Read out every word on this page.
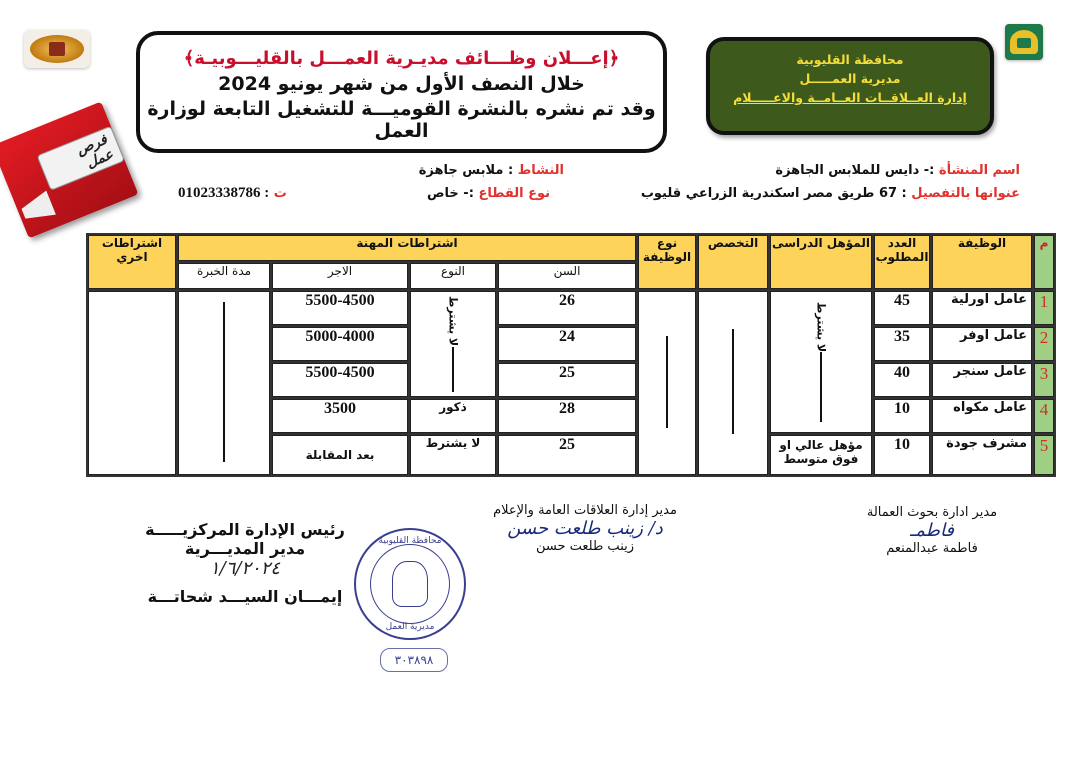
﴿إعـــلان وظـــائف مديـرية العمـــل بالقليـــوبيـة﴾
خلال النصف الأول من شهر يونيو 2024
وقد تم نشره بالنشرة القوميـــة للتشغيل التابعة لوزارة العمل
محافظة القليوبية
مديرية العمـــــل
إدارة العــلاقــات العــامــة والاعـــــلام
فرص عمل	اسم المنشأة :- دايس للملابس الجاهزة
عنوانها بالتفصيل : 67 طريق مصر اسكندرية الزراعي قليوب
النشاط : ملابس جاهزة
نوع القطاع :- خاص
ت : 01023338786
م	الوظيفة	العدد المطلوب	المؤهل الدراسى	التخصص	نوع الوظيفة	اشتراطات المهنة				اشتراطات اخري
						السن	النوع	الاجر	مدة الخبرة	
1	عامل اورلية	45	لا يشترط			26	لا يشترط	5500-4500		
2	عامل اوفر	35				24		5000-4000		
3	عامل سنجر	40				25		5500-4500		
4	عامل مكواه	10				28	ذكور	3500		
5	مشرف جودة	10	مؤهل عالي او فوق متوسط			25	لا يشترط	بعد المقابلة		
مدير ادارة بحوث العمالة
فاطمـ
فاطمة عبدالمنعم
مدير إدارة العلاقات العامة والإعلام
د/ زينب طلعت حسن
زينب طلعت حسن
رئيس الإدارة المركزيـــــة
مدير المديـــرية
١/٦/٢٠٢٤
إيمـــان السيـــد شحاتـــة
محافظة القليوبية
مديرية العمل
٣٠٣٨٩٨
